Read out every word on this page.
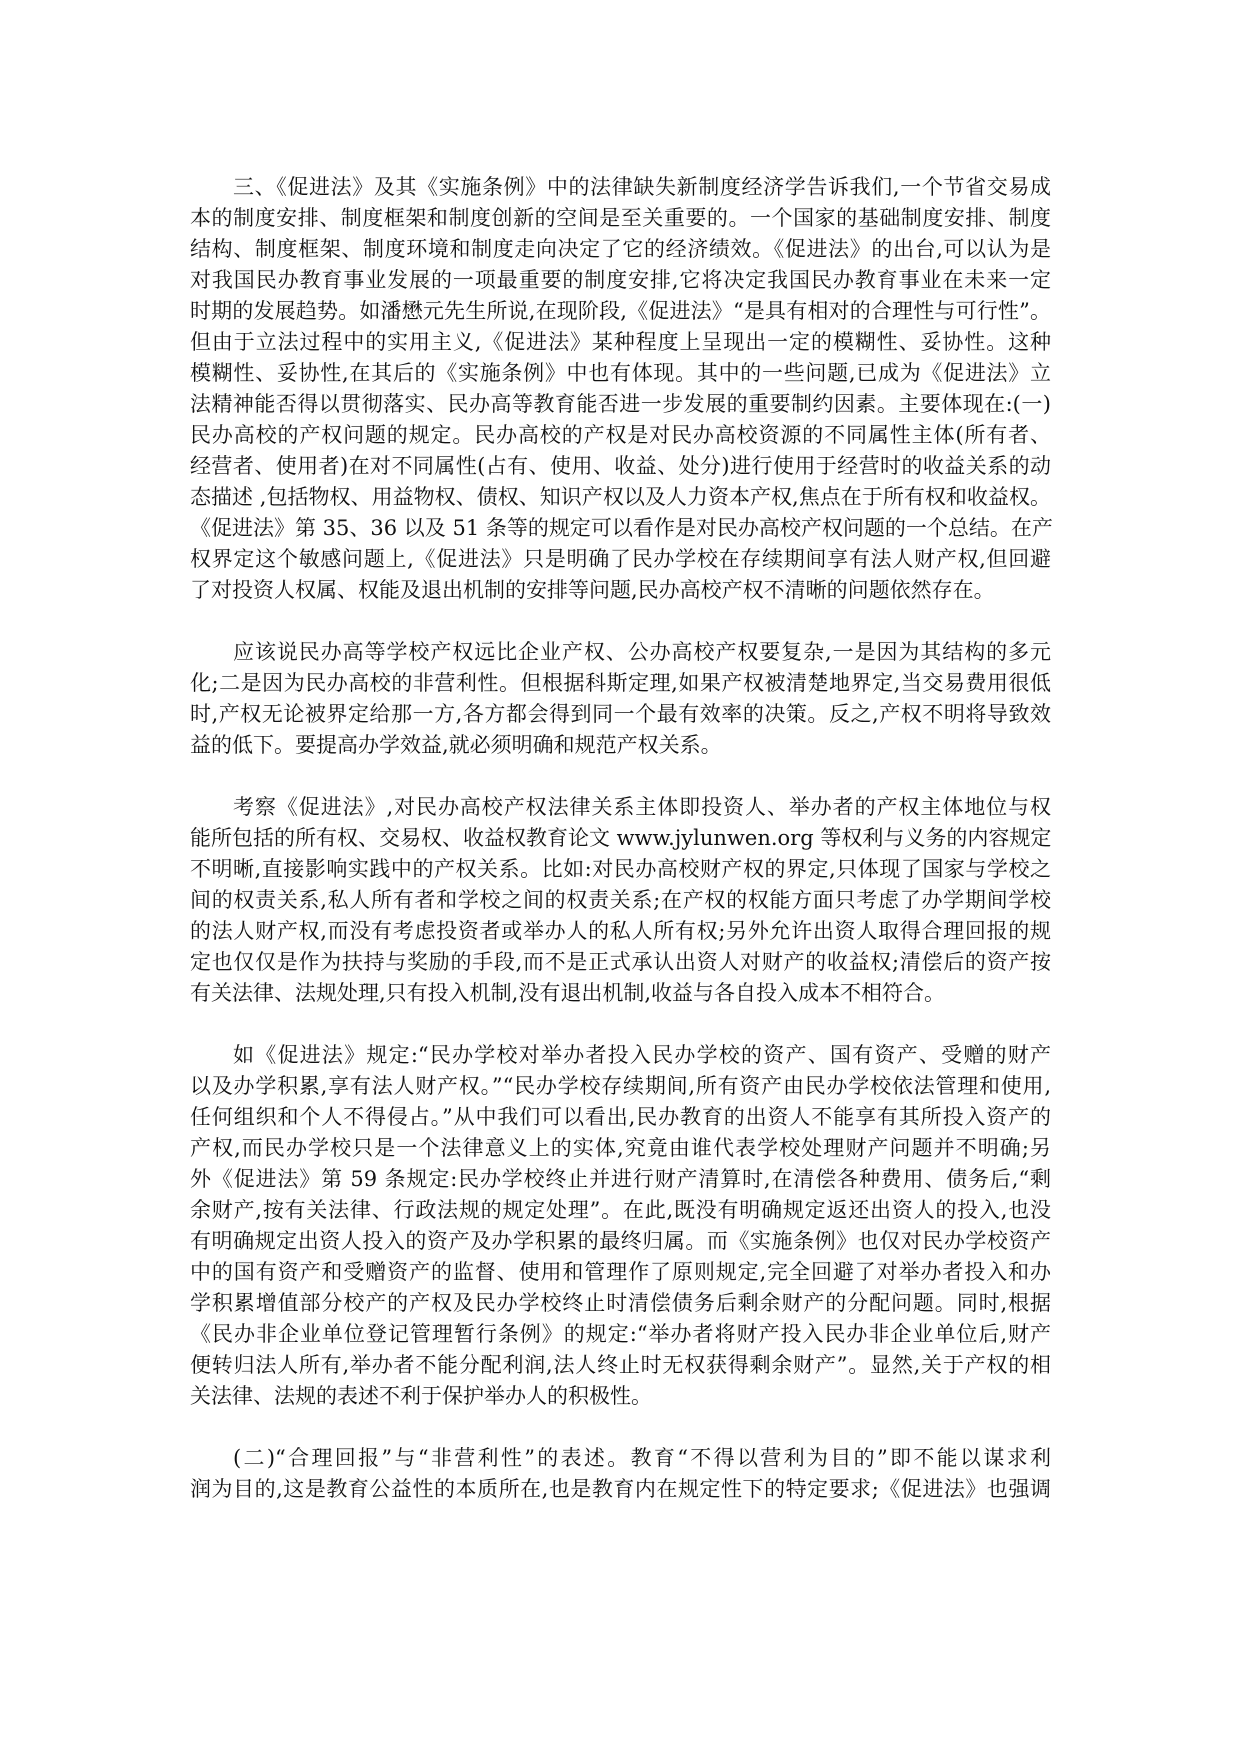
三、《促进法》及其《实施条例》中的法律缺失新制度经济学告诉我们,一个节省交易成
本的制度安排、制度框架和制度创新的空间是至关重要的。一个国家的基础制度安排、制度
结构、制度框架、制度环境和制度走向决定了它的经济绩效。《促进法》的出台,可以认为是
对我国民办教育事业发展的一项最重要的制度安排,它将决定我国民办教育事业在未来一定
时期的发展趋势。如潘懋元先生所说,在现阶段,《促进法》“是具有相对的合理性与可行性”。
但由于立法过程中的实用主义,《促进法》某种程度上呈现出一定的模糊性、妥协性。这种
模糊性、妥协性,在其后的《实施条例》中也有体现。其中的一些问题,已成为《促进法》立
法精神能否得以贯彻落实、民办高等教育能否进一步发展的重要制约因素。主要体现在:(一)
民办高校的产权问题的规定。民办高校的产权是对民办高校资源的不同属性主体(所有者、
经营者、使用者)在对不同属性(占有、使用、收益、处分)进行使用于经营时的收益关系的动
态描述 ,包括物权、用益物权、债权、知识产权以及人力资本产权,焦点在于所有权和收益权。
《促进法》第 35、36 以及 51 条等的规定可以看作是对民办高校产权问题的一个总结。在产
权界定这个敏感问题上,《促进法》只是明确了民办学校在存续期间享有法人财产权,但回避
了对投资人权属、权能及退出机制的安排等问题,民办高校产权不清晰的问题依然存在。
应该说民办高等学校产权远比企业产权、公办高校产权要复杂,一是因为其结构的多元
化;二是因为民办高校的非营利性。但根据科斯定理,如果产权被清楚地界定,当交易费用很低
时,产权无论被界定给那一方,各方都会得到同一个最有效率的决策。反之,产权不明将导致效
益的低下。要提高办学效益,就必须明确和规范产权关系。
考察《促进法》,对民办高校产权法律关系主体即投资人、举办者的产权主体地位与权
能所包括的所有权、交易权、收益权教育论文 www.jylunwen.org 等权利与义务的内容规定
不明晰,直接影响实践中的产权关系。比如:对民办高校财产权的界定,只体现了国家与学校之
间的权责关系,私人所有者和学校之间的权责关系;在产权的权能方面只考虑了办学期间学校
的法人财产权,而没有考虑投资者或举办人的私人所有权;另外允许出资人取得合理回报的规
定也仅仅是作为扶持与奖励的手段,而不是正式承认出资人对财产的收益权;清偿后的资产按
有关法律、法规处理,只有投入机制,没有退出机制,收益与各自投入成本不相符合。
如《促进法》规定:“民办学校对举办者投入民办学校的资产、国有资产、受赠的财产
以及办学积累,享有法人财产权。”“民办学校存续期间,所有资产由民办学校依法管理和使用,
任何组织和个人不得侵占。”从中我们可以看出,民办教育的出资人不能享有其所投入资产的
产权,而民办学校只是一个法律意义上的实体,究竟由谁代表学校处理财产问题并不明确;另
外《促进法》第 59 条规定:民办学校终止并进行财产清算时,在清偿各种费用、债务后,“剩
余财产,按有关法律、行政法规的规定处理”。在此,既没有明确规定返还出资人的投入,也没
有明确规定出资人投入的资产及办学积累的最终归属。而《实施条例》也仅对民办学校资产
中的国有资产和受赠资产的监督、使用和管理作了原则规定,完全回避了对举办者投入和办
学积累增值部分校产的产权及民办学校终止时清偿债务后剩余财产的分配问题。同时,根据
《民办非企业单位登记管理暂行条例》的规定:“举办者将财产投入民办非企业单位后,财产
便转归法人所有,举办者不能分配利润,法人终止时无权获得剩余财产”。显然,关于产权的相
关法律、法规的表述不利于保护举办人的积极性。
(二)“合理回报”与“非营利性”的表述。教育“不得以营利为目的”即不能以谋求利
润为目的,这是教育公益性的本质所在,也是教育内在规定性下的特定要求;《促进法》也强调
